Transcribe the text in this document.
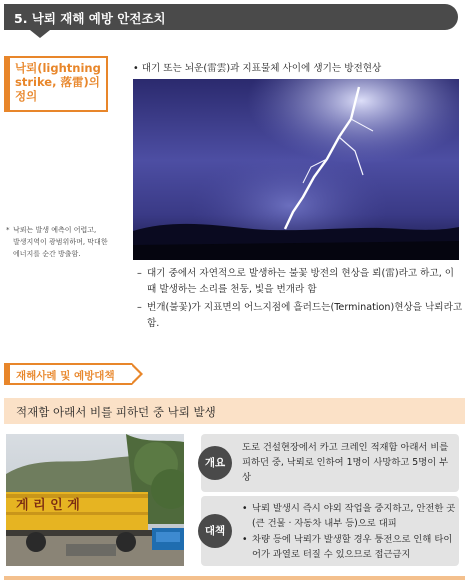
5. 낙뢰 재해 예방 안전조치
낙뢰(lightning
strike, 落雷)의
정의
• 대기 또는 뇌운(雷雲)과 지표물체 사이에 생기는 방전현상
* 낙뢰는 발생 예측이 어렵고,
발생지역이 광범위하며, 막대한
에너지를 순간 방출함.
– 대기 중에서 자연적으로 발생하는 불꽃 방전의 현상을 뢰(雷)라고 하고, 이때 발생하는 소리를 천둥, 빛을 번개라 함
– 번개(불꽃)가 지표면의 어느지점에 흘러드는(Termination)현상을 낙뢰라고 함.
재해사례 및 예방대책
적재함 아래서 비를 피하던 중 낙뢰 발생
게 리 인 게
도로 건설현장에서 카고 크레인 적재함 아래서 비를 피하던 중, 낙뢰로 인하여 1명이 사망하고 5명이 부상
개요
• 낙뢰 발생시 즉시 야외 작업을 중지하고, 안전한 곳(큰 건물 · 자동차 내부 등)으로 대피
• 차량 등에 낙뢰가 발생할 경우 퉁전으로 인해 타이어가 과열로 터질 수 있으므로 접근금지
대책
